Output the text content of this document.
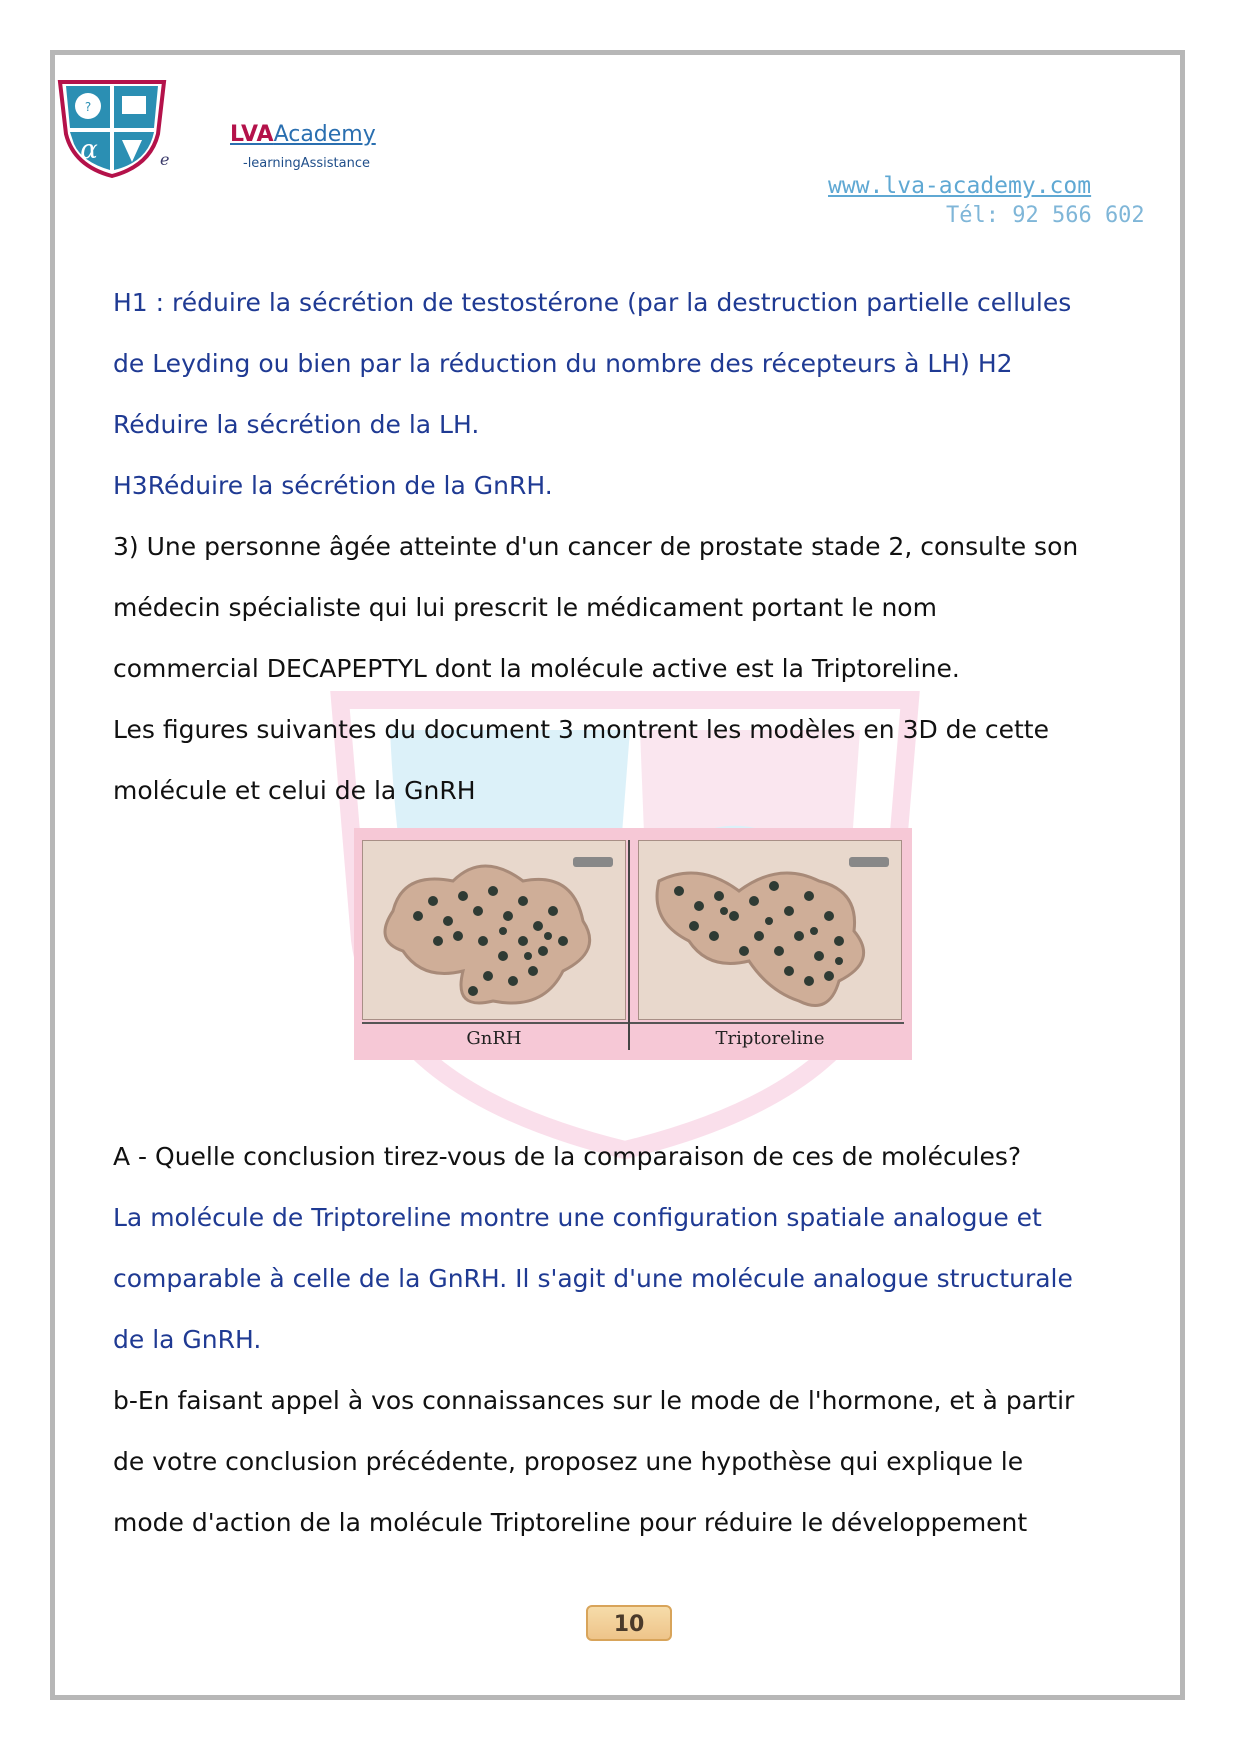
?
α	e
LVAAcademy
-learningAssistance
www.lva-academy.com
Tél: 92 566 602

H1 : réduire la sécrétion de testostérone (par la destruction partielle cellules

de Leyding ou bien par la réduction du nombre des récepteurs à LH) H2

Réduire la sécrétion de la LH.

H3Réduire la sécrétion de la GnRH.

3) Une personne âgée atteinte d'un cancer de prostate stade 2, consulte son

médecin spécialiste qui lui prescrit le médicament portant le nom

commercial DECAPEPTYL dont la molécule active est la Triptoreline.

Les figures suivantes du document 3 montrent les modèles en 3D de cette

molécule et celui de la GnRH

A - Quelle conclusion tirez-vous de la comparaison de ces de molécules?

La molécule de Triptoreline montre une configuration spatiale analogue et

comparable à celle de la GnRH. Il s'agit d'une molécule analogue structurale

de la GnRH.

b-En faisant appel à vos connaissances sur le mode de l'hormone, et à partir

de votre conclusion précédente, proposez une hypothèse qui explique le

mode d'action de la molécule Triptoreline pour réduire le développement

GnRH	Triptoreline
10
